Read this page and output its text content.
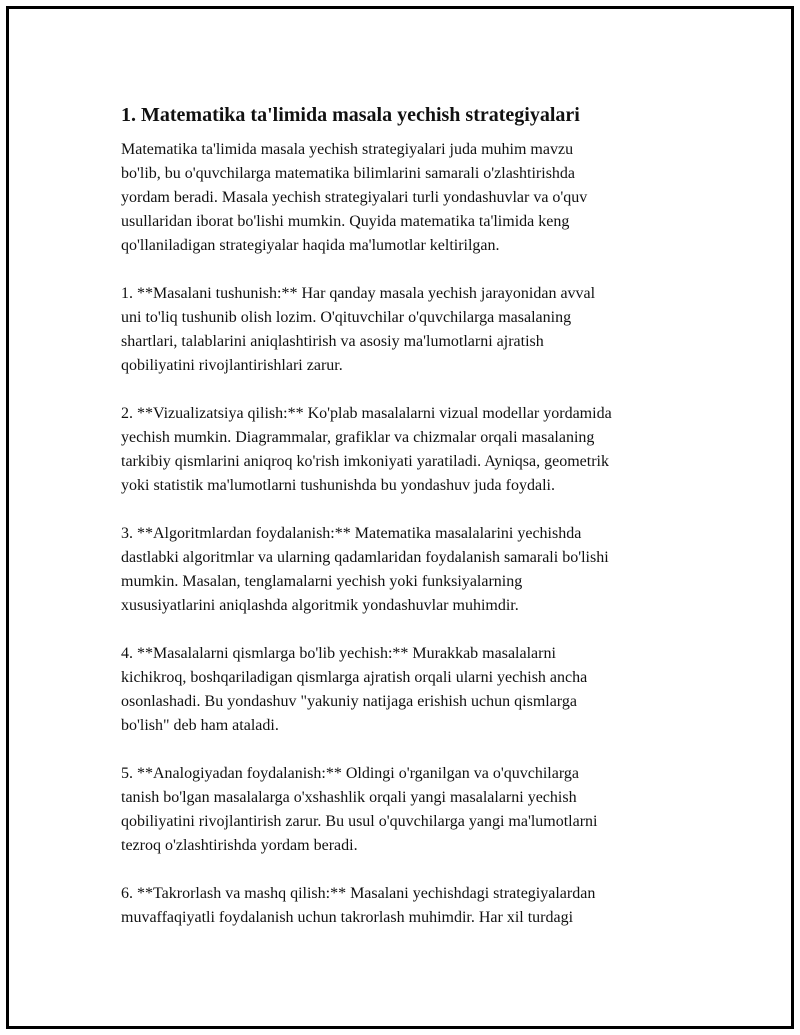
1. Matematika ta'limida masala yechish strategiyalari

Matematika ta'limida masala yechish strategiyalari juda muhim mavzu
bo'lib, bu o'quvchilarga matematika bilimlarini samarali o'zlashtirishda
yordam beradi. Masala yechish strategiyalari turli yondashuvlar va o'quv
usullaridan iborat bo'lishi mumkin. Quyida matematika ta'limida keng
qo'llaniladigan strategiyalar haqida ma'lumotlar keltirilgan.

1. **Masalani tushunish:** Har qanday masala yechish jarayonidan avval
uni to'liq tushunib olish lozim. O'qituvchilar o'quvchilarga masalaning
shartlari, talablarini aniqlashtirish va asosiy ma'lumotlarni ajratish
qobiliyatini rivojlantirishlari zarur.

2. **Vizualizatsiya qilish:** Ko'plab masalalarni vizual modellar yordamida
yechish mumkin. Diagrammalar, grafiklar va chizmalar orqali masalaning
tarkibiy qismlarini aniqroq ko'rish imkoniyati yaratiladi. Ayniqsa, geometrik
yoki statistik ma'lumotlarni tushunishda bu yondashuv juda foydali.

3. **Algoritmlardan foydalanish:** Matematika masalalarini yechishda
dastlabki algoritmlar va ularning qadamlaridan foydalanish samarali bo'lishi
mumkin. Masalan, tenglamalarni yechish yoki funksiyalarning
xususiyatlarini aniqlashda algoritmik yondashuvlar muhimdir.

4. **Masalalarni qismlarga bo'lib yechish:** Murakkab masalalarni
kichikroq, boshqariladigan qismlarga ajratish orqali ularni yechish ancha
osonlashadi. Bu yondashuv "yakuniy natijaga erishish uchun qismlarga
bo'lish" deb ham ataladi.

5. **Analogiyadan foydalanish:** Oldingi o'rganilgan va o'quvchilarga
tanish bo'lgan masalalarga o'xshashlik orqali yangi masalalarni yechish
qobiliyatini rivojlantirish zarur. Bu usul o'quvchilarga yangi ma'lumotlarni
tezroq o'zlashtirishda yordam beradi.

6. **Takrorlash va mashq qilish:** Masalani yechishdagi strategiyalardan
muvaffaqiyatli foydalanish uchun takrorlash muhimdir. Har xil turdagi
